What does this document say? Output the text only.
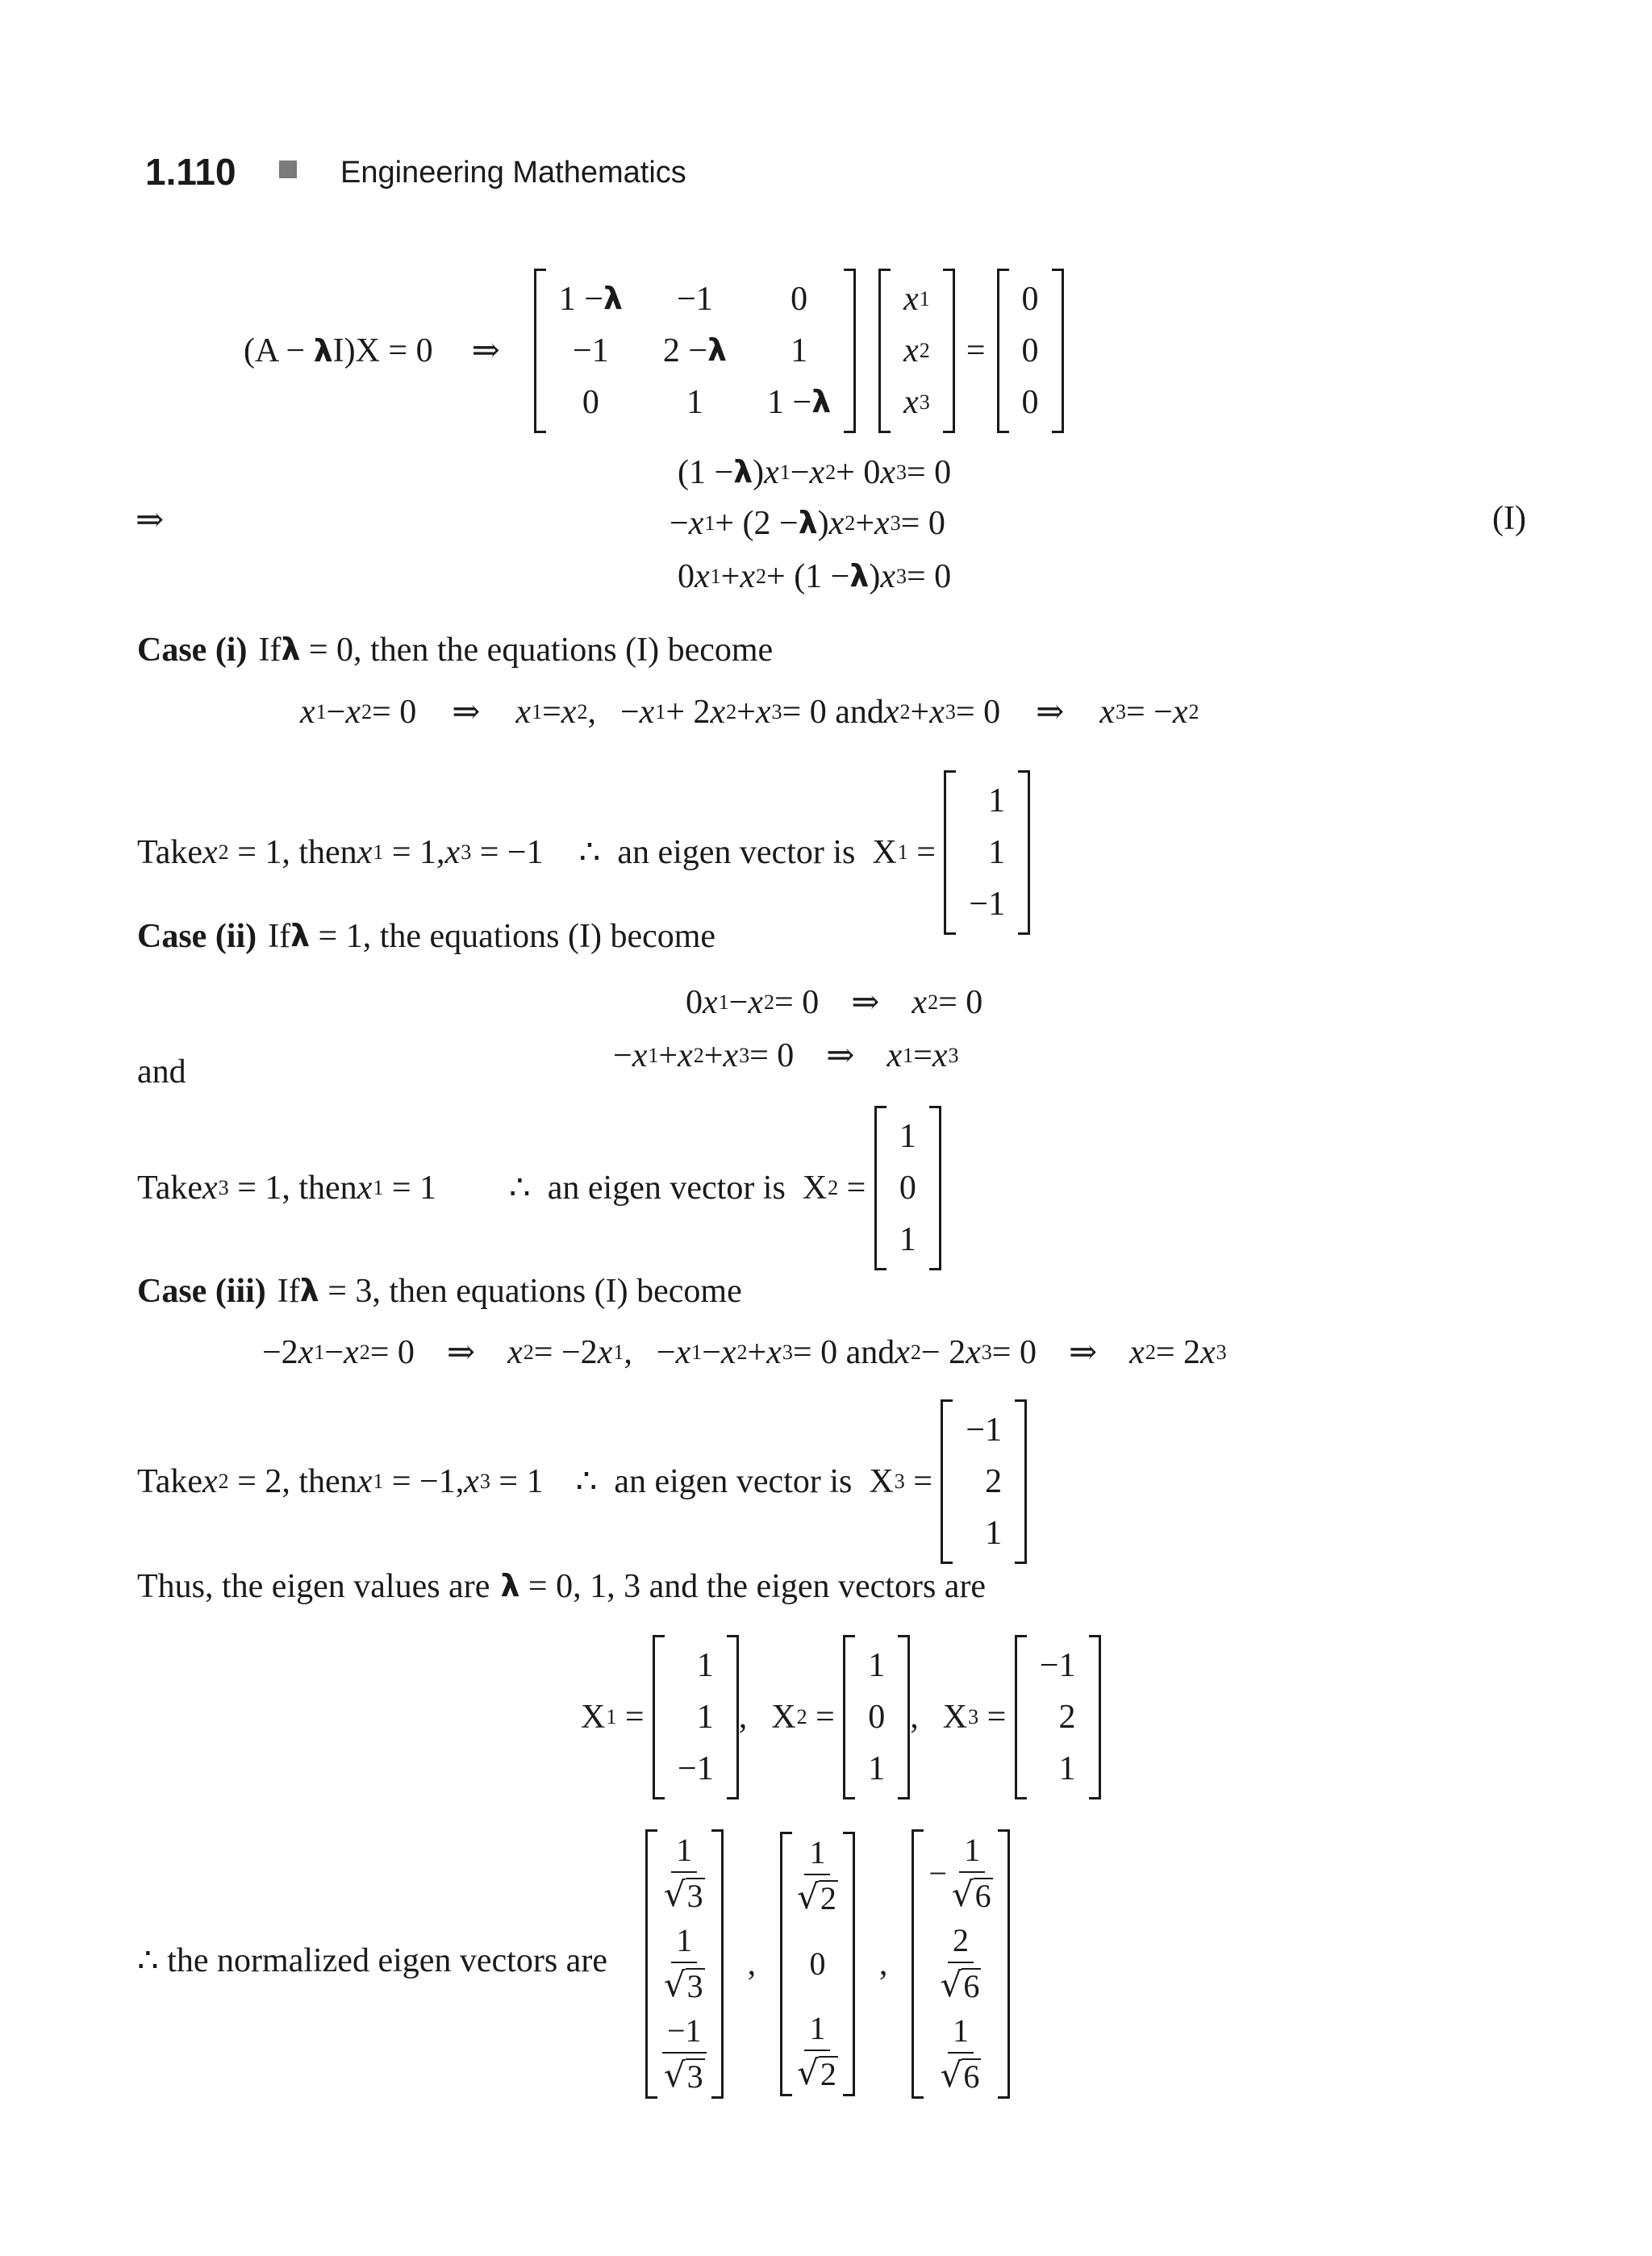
1.110	Engineering Mathematics
(A − λI)X = 0 ⇒
1 − λ
−1
0
−1
2 − λ
1
0
1
1 − λ
x 1
x 2
x 3
=
0
0
0
⇒
(1 − λ ) x 1 − x 2 + 0 x 3 = 0
− x 1 + (2 − λ ) x 2 + x 3 = 0
0 x 1 + x 2 + (1 − λ ) x 3 = 0
(I)
Case (i) If λ = 0, then the equations (I) become
x 1 − x 2 = 0 ⇒ x 1 = x 2 , − x 1 + 2 x 2 + x 3 = 0 and x 2 + x 3 = 0 ⇒ x 3 = − x 2
Take x 2 = 1, then x 1 = 1, x 3 = −1 ∴  an eigen vector is  X 1 =
1
1
−1
Case (ii) If λ = 1, the equations (I) become
0 x 1 − x 2 = 0 ⇒ x 2 = 0
and	− x 1 + x 2 + x 3 = 0 ⇒ x 1 = x 3
Take x 3 = 1, then x 1 = 1 ∴  an eigen vector is  X 2 =
1
0
1
Case (iii) If λ = 3, then equations (I) become
−2 x 1 − x 2 = 0 ⇒ x 2 = −2 x 1 , − x 1 − x 2 + x 3 = 0 and x 2 − 2 x 3 = 0 ⇒ x 2 = 2 x 3
Take x 2 = 2, then x 1 = −1, x 3 = 1 ∴  an eigen vector is  X 3 =
−1
2
1
Thus, the eigen values are λ = 0, 1, 3 and the eigen vectors are
X 1 =
1
1
−1
,
X 2 =
1
0
1
,
X 3 =
−1
2
1
∴ the normalized eigen vectors are
$\frac{1}{√ 3}$
$\frac{1}{√ 3}$
$\frac{-1}{√ 3}$
,
$\frac{1}{√ 2}$
0
$\frac{1}{√ 2}$
,
− $\frac{1}{√ 6}$
$\frac{2}{√ 6}$
$\frac{1}{√ 6}$
